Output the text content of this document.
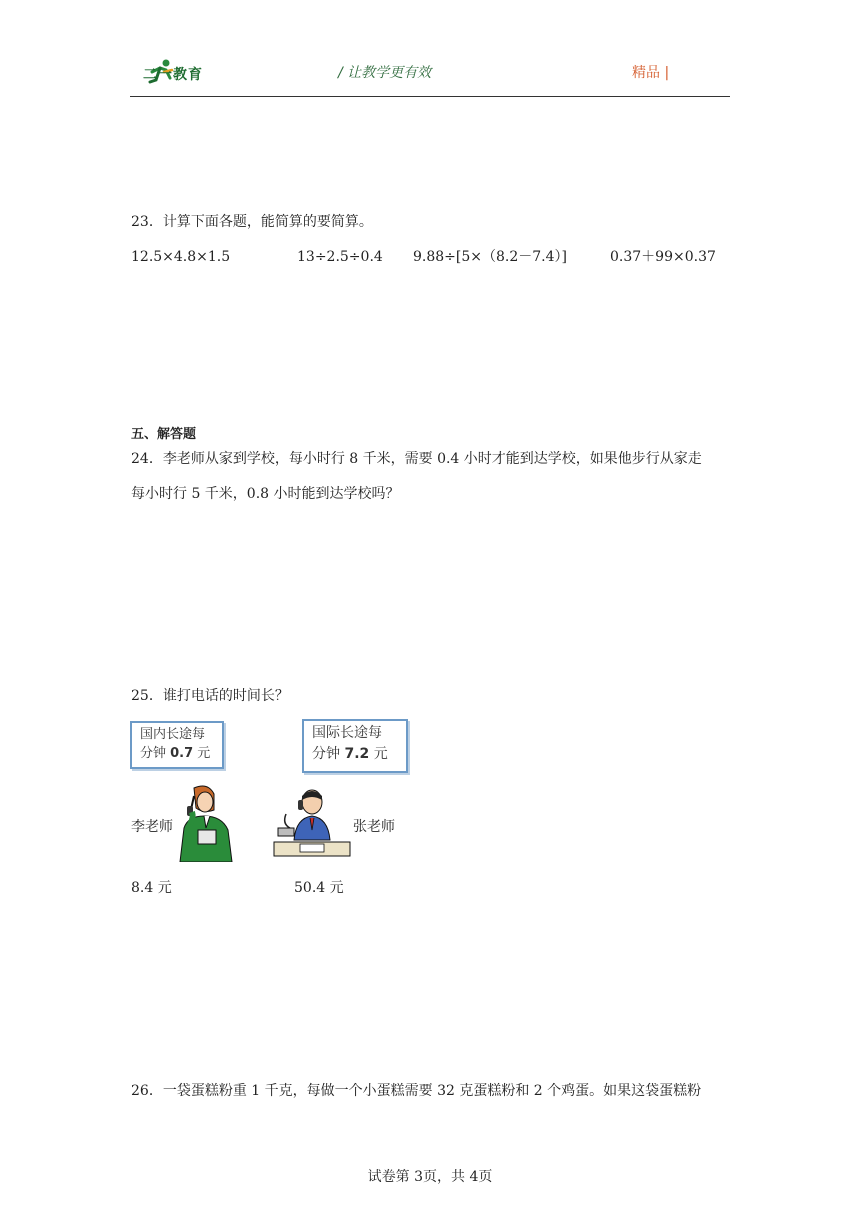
二一教育	/ 让教学更有效	精品 |
23．计算下面各题，能简算的要简算。
12.5×4.8×1.5	13÷2.5÷0.4 9.88÷[5×（8.2－7.4）]	0.37＋99×0.37
五、解答题
24．李老师从家到学校，每小时行 8 千米，需要 0.4 小时才能到达学校，如果他步行从家走
每小时行 5 千米，0.8 小时能到达学校吗？
25．谁打电话的时间长？
国内长途每
分钟 0.7 元
国际长途每
分钟 7.2 元
李老师	张老师
8.4 元	50.4 元
26．一袋蛋糕粉重 1 千克，每做一个小蛋糕需要 32 克蛋糕粉和 2 个鸡蛋。如果这袋蛋糕粉
试卷第 3页，共 4页
